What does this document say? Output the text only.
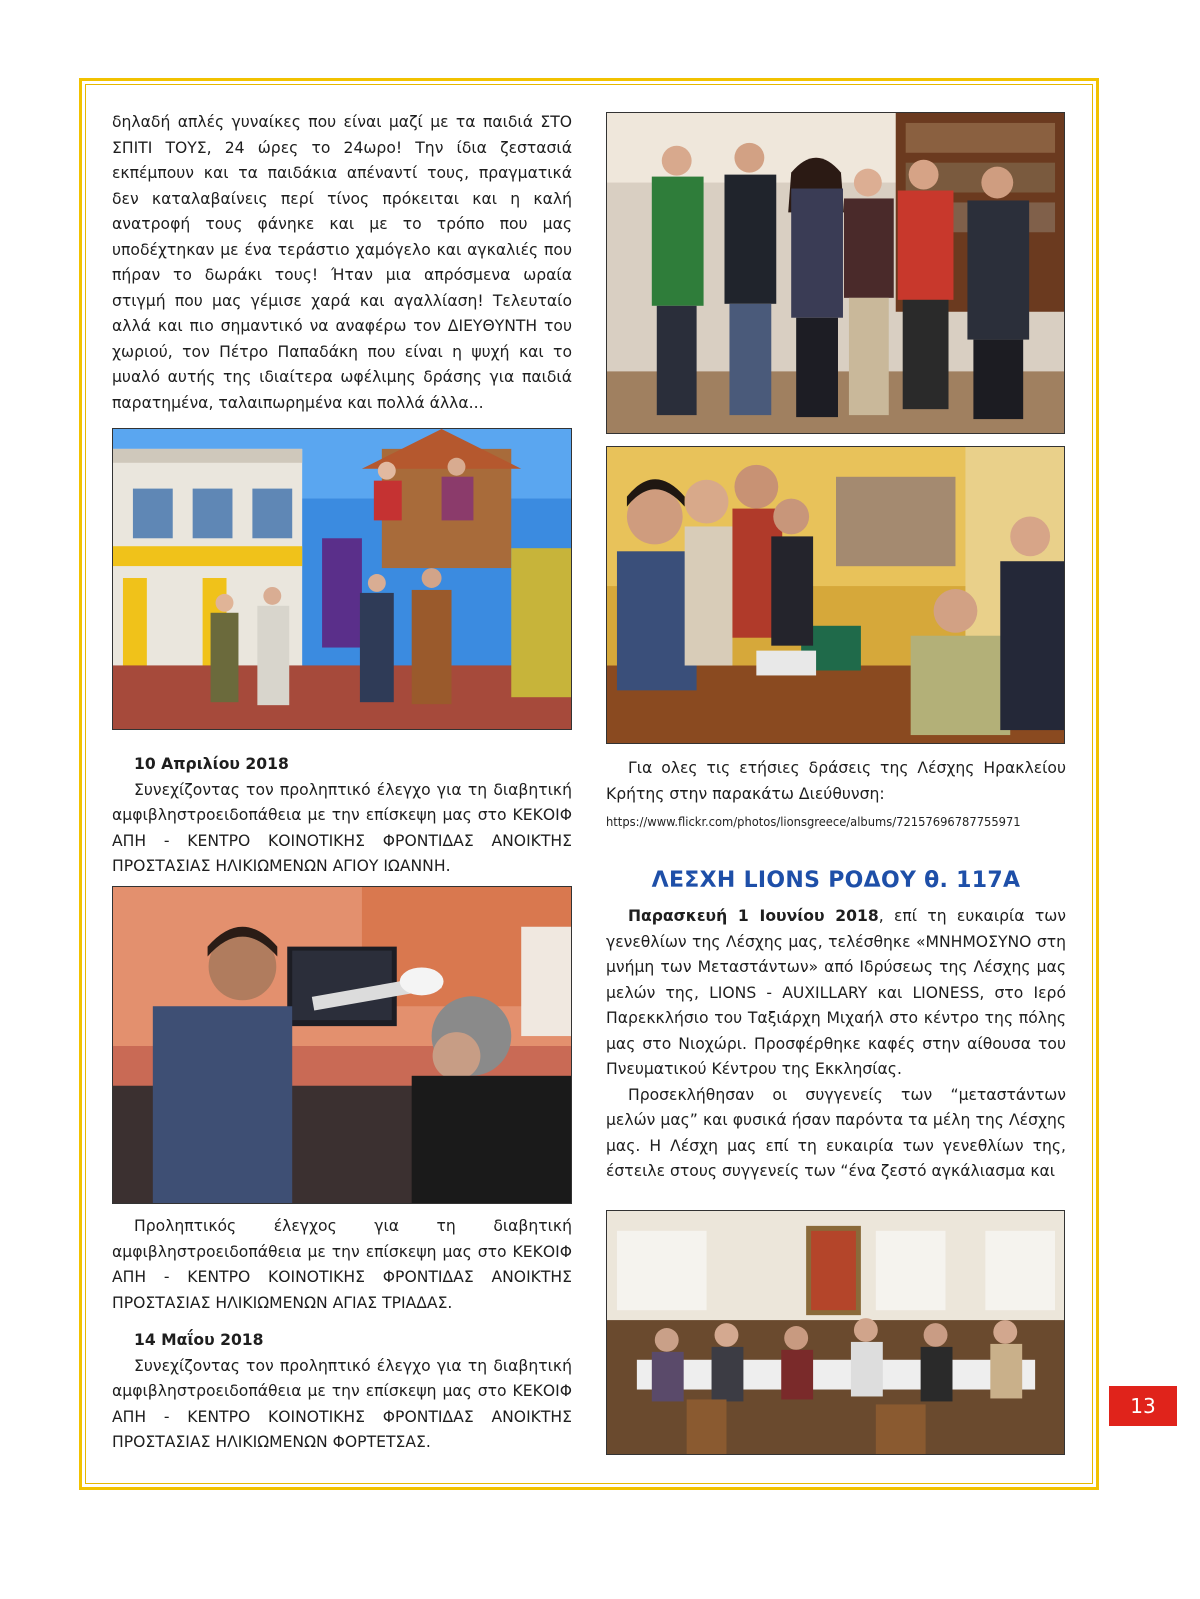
δηλαδή απλές γυναίκες που είναι μαζί με τα παιδιά ΣΤΟ ΣΠΙΤΙ ΤΟΥΣ, 24 ώρες το 24ωρο! Την ίδια ζεστασιά εκπέμπουν και τα παιδάκια απέναντί τους, πραγματικά δεν καταλαβαίνεις περί τίνος πρόκειται και η καλή ανατροφή τους φάνηκε και με το τρόπο που μας υποδέχτηκαν με ένα τεράστιο χαμόγελο και αγκαλιές που πήραν το δωράκι τους! Ήταν μια απρόσμενα ωραία στιγμή που μας γέμισε χαρά και αγαλλίαση! Τελευταίο αλλά και πιο σημαντικό να αναφέρω τον ΔΙΕΥΘΥΝΤΗ του χωριού, τον Πέτρο Παπαδάκη που είναι η ψυχή και το μυαλό αυτής της ιδιαίτερα ωφέλιμης δράσης για παιδιά παρατημένα, ταλαιπωρημένα και πολλά άλλα...

10 Απριλίου 2018

Συνεχίζοντας τον προληπτικό έλεγχο για τη διαβητική αμφιβληστροειδοπάθεια με την επίσκεψη μας στο ΚΕΚΟΙΦ ΑΠΗ - ΚΕΝΤΡΟ ΚΟΙΝΟΤΙΚΗΣ ΦΡΟΝΤΙΔΑΣ ΑΝΟΙΚΤΗΣ ΠΡΟΣΤΑΣΙΑΣ ΗΛΙΚΙΩΜΕΝΩΝ ΑΓΙΟΥ ΙΩΑΝΝΗ.

Προληπτικός έλεγχος για τη διαβητική αμφιβληστροειδοπάθεια με την επίσκεψη μας στο ΚΕΚΟΙΦ ΑΠΗ - ΚΕΝΤΡΟ ΚΟΙΝΟΤΙΚΗΣ ΦΡΟΝΤΙΔΑΣ ΑΝΟΙΚΤΗΣ ΠΡΟΣΤΑΣΙΑΣ ΗΛΙΚΙΩΜΕΝΩΝ ΑΓΙΑΣ ΤΡΙΑΔΑΣ.

14 Μαΐου 2018

Συνεχίζοντας τον προληπτικό έλεγχο για τη διαβητική αμφιβληστροειδοπάθεια με την επίσκεψη μας στο ΚΕΚΟΙΦ ΑΠΗ - ΚΕΝΤΡΟ ΚΟΙΝΟΤΙΚΗΣ ΦΡΟΝΤΙΔΑΣ ΑΝΟΙΚΤΗΣ ΠΡΟΣΤΑΣΙΑΣ ΗΛΙΚΙΩΜΕΝΩΝ ΦΟΡΤΕΤΣΑΣ.

Για ολες τις ετήσιες δράσεις της Λέσχης Ηρακλείου Κρήτης στην παρακάτω Διεύθυνση:

https://www.flickr.com/photos/lionsgreece/albums/72157696787755971
ΛΕΣΧΗ LIONS ΡΟΔΟΥ θ. 117Α

Παρασκευή 1 Ιουνίου 2018, επί τη ευκαιρία των γενεθλίων της Λέσχης μας, τελέσθηκε «ΜΝΗΜΟΣΥΝΟ στη μνήμη των Μεταστάντων» από Ιδρύσεως της Λέσχης μας μελών της, LIONS - AUXILLARY και LIONESS, στο Ιερό Παρεκκλήσιο του Ταξιάρχη Μιχαήλ στο κέντρο της πόλης μας στο Νιοχώρι. Προσφέρθηκε καφές στην αίθουσα του Πνευματικού Κέντρου της Εκκλησίας.

Προσεκλήθησαν οι συγγενείς των “μεταστάντων μελών μας” και φυσικά ήσαν παρόντα τα μέλη της Λέσχης μας. Η Λέσχη μας επί τη ευκαιρία των γενεθλίων της, έστειλε στους συγγενείς των “ένα ζεστό αγκάλιασμα και

13
